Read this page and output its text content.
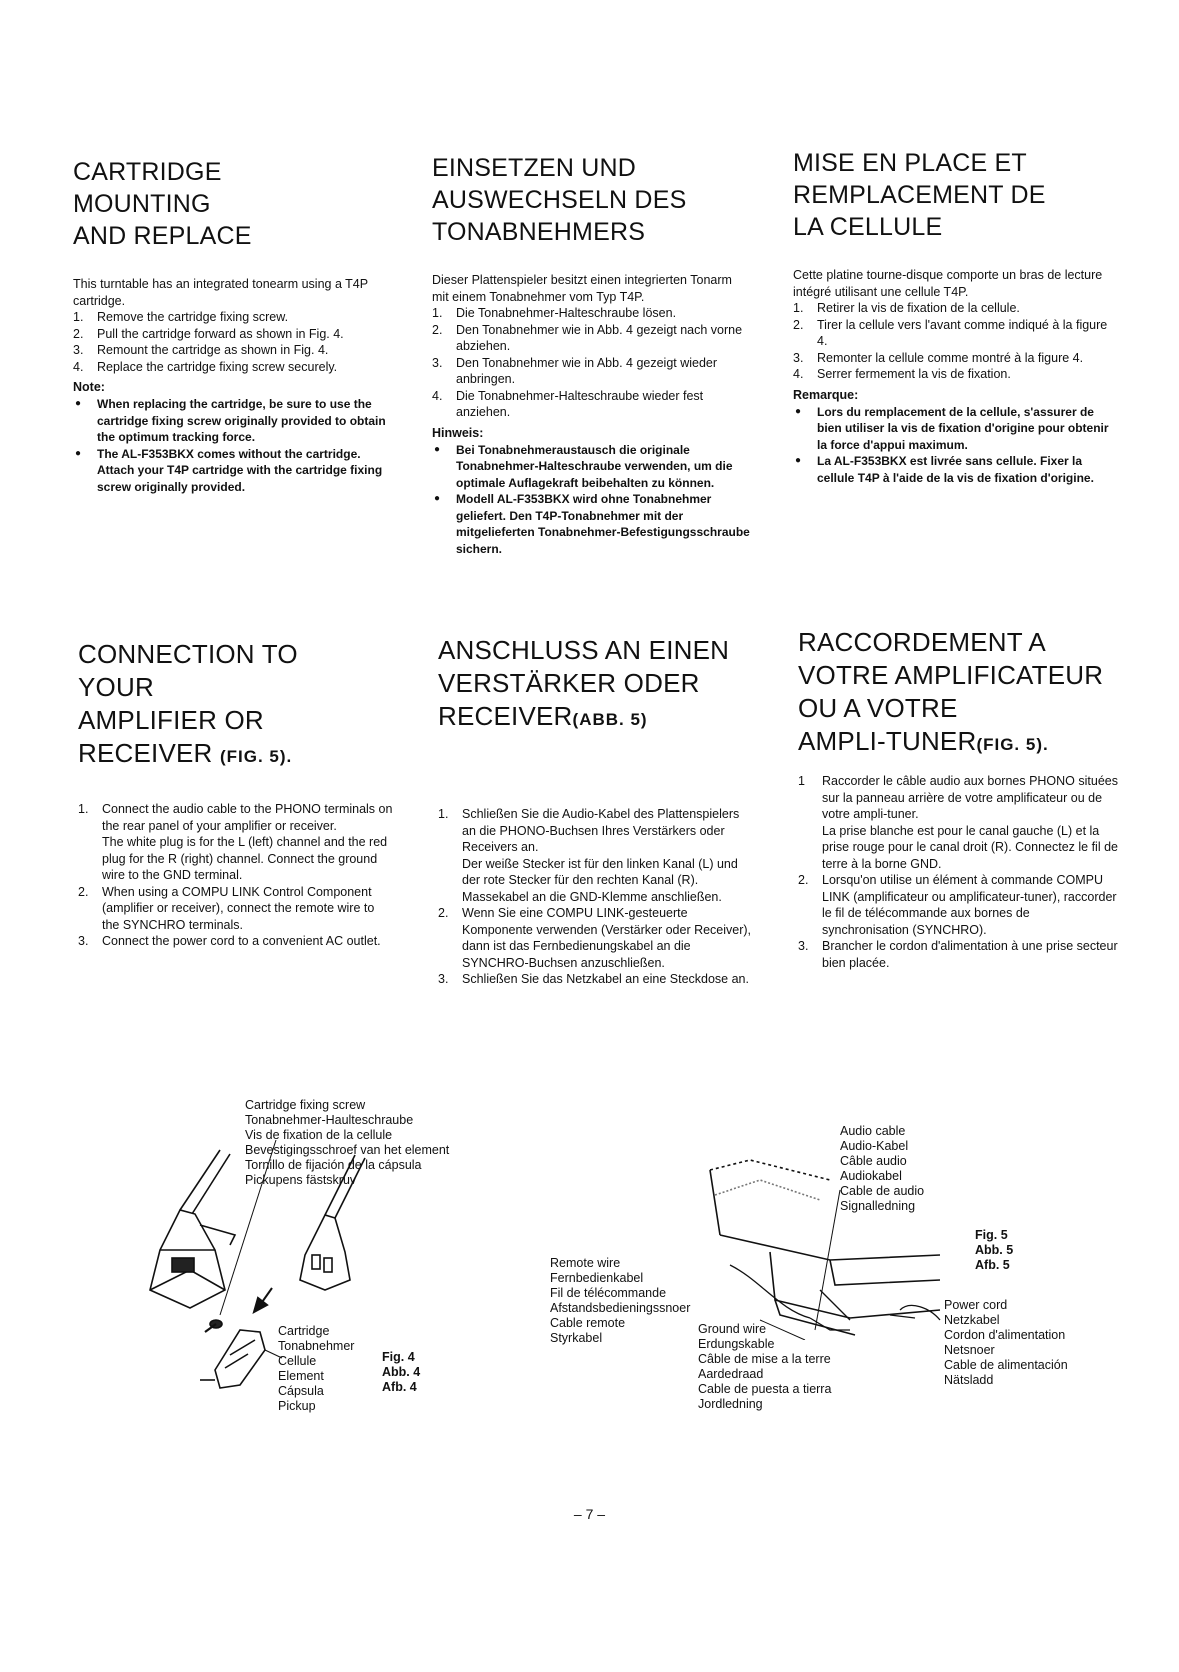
CARTRIDGE
MOUNTING
AND REPLACE

This turntable has an integrated tonearm using a T4P cartridge.

1. Remove the cartridge fixing screw.
2. Pull the cartridge forward as shown in Fig. 4.
3. Remount the cartridge as shown in Fig. 4.
4. Replace the cartridge fixing screw securely.

Note:

● When replacing the cartridge, be sure to use the cartridge fixing screw originally provided to obtain the optimum tracking force.
● The AL-F353BKX comes without the cartridge. Attach your T4P cartridge with the cartridge fixing screw originally provided.
EINSETZEN UND
AUSWECHSELN DES
TONABNEHMERS

Dieser Plattenspieler besitzt einen integrierten Tonarm mit einem Tonabnehmer vom Typ T4P.

1. Die Tonabnehmer-Halteschraube lösen.
2. Den Tonabnehmer wie in Abb. 4 gezeigt nach vorne abziehen.
3. Den Tonabnehmer wie in Abb. 4 gezeigt wieder anbringen.
4. Die Tonabnehmer-Halteschraube wieder fest anziehen.

Hinweis:

● Bei Tonabnehmeraustausch die originale Tonabnehmer-Halteschraube verwenden, um die optimale Auflagekraft beibehalten zu können.
● Modell AL-F353BKX wird ohne Tonabnehmer geliefert. Den T4P-Tonabnehmer mit der mitgelieferten Tonabnehmer-Befestigungsschraube sichern.
MISE EN PLACE ET
REMPLACEMENT DE
LA CELLULE

Cette platine tourne-disque comporte un bras de lecture intégré utilisant une cellule T4P.

1. Retirer la vis de fixation de la cellule.
2. Tirer la cellule vers l'avant comme indiqué à la figure 4.
3. Remonter la cellule comme montré à la figure 4.
4. Serrer fermement la vis de fixation.

Remarque:

● Lors du remplacement de la cellule, s'assurer de bien utiliser la vis de fixation d'origine pour obtenir la force d'appui maximum.
● La AL-F353BKX est livrée sans cellule. Fixer la cellule T4P à l'aide de la vis de fixation d'origine.
CONNECTION TO
YOUR
AMPLIFIER OR
RECEIVER (FIG. 5).
1. Connect the audio cable to the PHONO terminals on the rear panel of your amplifier or receiver.
The white plug is for the L (left) channel and the red plug for the R (right) channel. Connect the ground wire to the GND terminal.
2. When using a COMPU LINK Control Component (amplifier or receiver), connect the remote wire to the SYNCHRO terminals.
3. Connect the power cord to a convenient AC outlet.
ANSCHLUSS AN EINEN
VERSTÄRKER ODER
RECEIVER(ABB. 5)
1. Schließen Sie die Audio-Kabel des Plattenspielers an die PHONO-Buchsen Ihres Verstärkers oder Receivers an.
Der weiße Stecker ist für den linken Kanal (L) und der rote Stecker für den rechten Kanal (R). Massekabel an die GND-Klemme anschließen.
2. Wenn Sie eine COMPU LINK-gesteuerte Komponente verwenden (Verstärker oder Receiver), dann ist das Fernbedienungskabel an die SYNCHRO-Buchsen anzuschließen.
3. Schließen Sie das Netzkabel an eine Steckdose an.
RACCORDEMENT A
VOTRE AMPLIFICATEUR
OU A VOTRE
AMPLI-TUNER(FIG. 5).
1 Raccorder le câble audio aux bornes PHONO situées sur la panneau arrière de votre amplificateur ou de votre ampli-tuner.
La prise blanche est pour le canal gauche (L) et la prise rouge pour le canal droit (R). Connectez le fil de terre à la borne GND.
2. Lorsqu'on utilise un élément à commande COMPU LINK (amplificateur ou amplificateur-tuner), raccorder le fil de télécommande aux bornes de synchronisation (SYNCHRO).
3. Brancher le cordon d'alimentation à une prise secteur bien placée.
Cartridge fixing screw
Tonabnehmer-Haulteschraube
Vis de fixation de la cellule
Bevestigingsschroef van het element
Tornillo de fijación de la cápsula
Pickupens fästskruv
Cartridge
Tonabnehmer
Cellule
Element
Cápsula
Pickup
Fig. 4
Abb. 4
Afb. 4
Audio cable
Audio-Kabel
Câble audio
Audiokabel
Cable de audio
Signalledning
Fig. 5
Abb. 5
Afb. 5
Remote wire
Fernbedienkabel
Fil de télécommande
Afstandsbedieningssnoer
Cable remote
Styrkabel
Ground wire
Erdungskable
Câble de mise a la terre
Aardedraad
Cable de puesta a tierra
Jordledning
Power cord
Netzkabel
Cordon d'alimentation
Netsnoer
Cable de alimentación
Nätsladd
– 7 –
